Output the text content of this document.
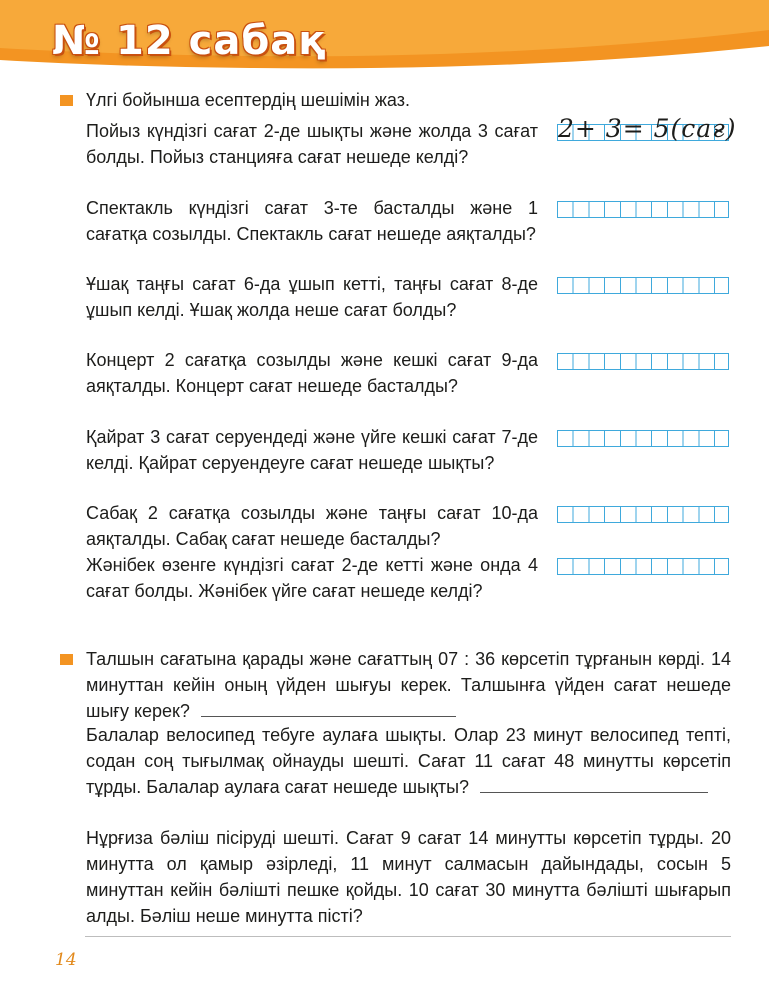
№ 12 сабақ
Үлгі бойынша есептердің шешімін жаз.
Пойыз күндізгі сағат 2-де шықты және жолда 3 сағат болды. Пойыз станцияға сағат нешеде келді?
2+ 3= 5(сағ)
Спектакль күндізгі сағат 3-те басталды және 1 сағатқа созылды. Спектакль сағат нешеде аяқталды?
Ұшақ таңғы сағат 6-да ұшып кетті, таңғы сағат 8-де ұшып келді. Ұшақ жолда неше сағат болды?
Концерт 2 сағатқа созылды және кешкі сағат 9-да аяқталды. Концерт сағат нешеде басталды?
Қайрат 3 сағат серуендеді және үйге кешкі сағат 7-де келді. Қайрат серуендеуге сағат нешеде шықты?
Сабақ 2 сағатқа созылды және таңғы сағат 10-да аяқталды. Сабақ сағат нешеде басталды?
Жәнібек өзенге күндізгі сағат 2-де кетті және онда 4 сағат болды. Жәнібек үйге сағат нешеде келді?
Талшын сағатына қарады және сағаттың 07 : 36 көрсетіп тұрғанын көрді. 14 минуттан кейін оның үйден шығуы керек. Талшынға үйден сағат нешеде шығу керек?
Балалар велосипед тебуге аулаға шықты. Олар 23 минут велосипед тепті, содан соң тығылмақ ойнауды шешті. Сағат 11 сағат 48 минутты көрсетіп тұрды. Балалар аулаға сағат нешеде шықты?
Нұрғиза бәліш пісіруді шешті. Сағат 9 сағат 14 минутты көрсетіп тұрды. 20 минутта ол қамыр әзірледі, 11 минут салмасын дайындады, сосын 5 минуттан кейін бәлішті пешке қойды. 10 сағат 30 минутта бәлішті шығарып алды. Бәліш неше минутта пісті?
14
